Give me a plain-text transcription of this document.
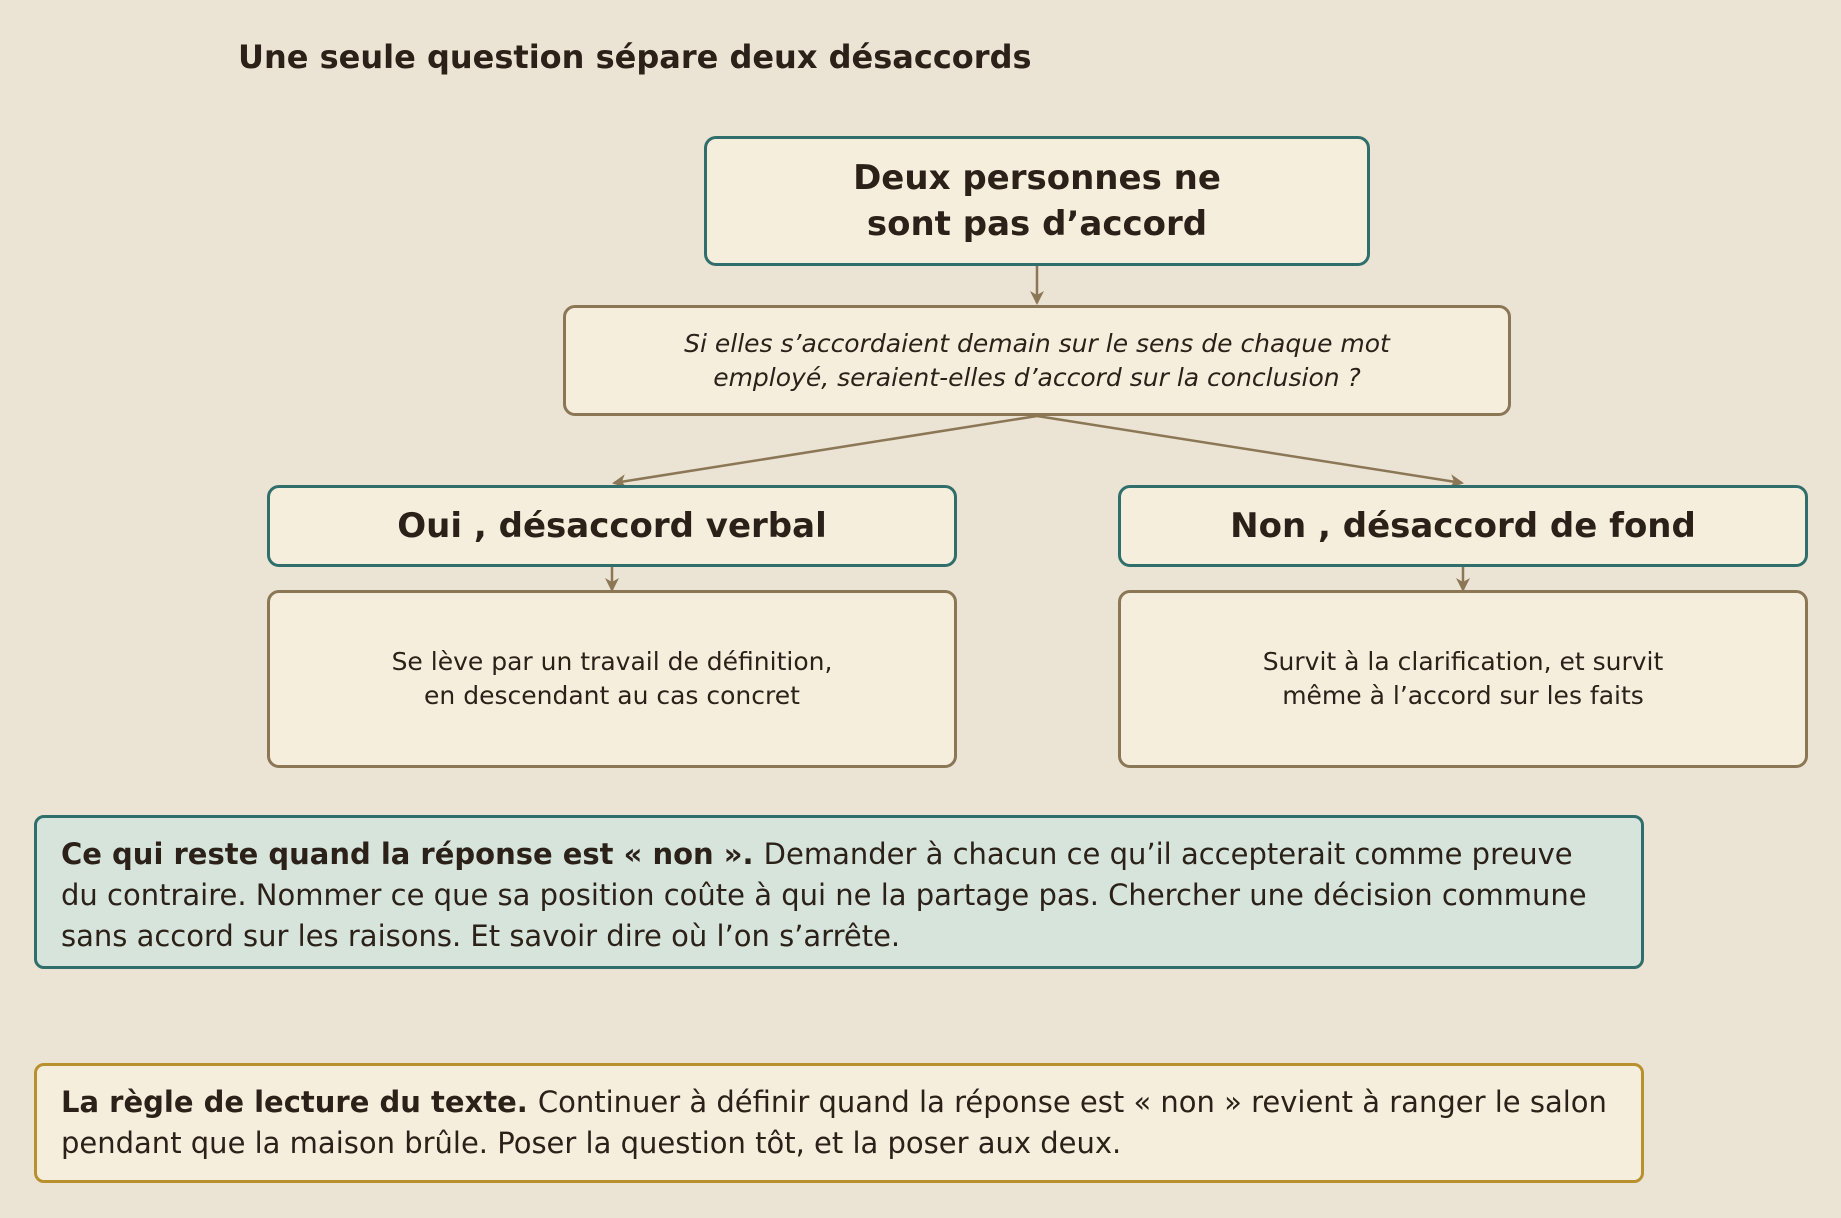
Une seule question sépare deux désaccords
Deux personnes ne
sont pas d’accord
Si elles s’accordaient demain sur le sens de chaque mot
employé, seraient-elles d’accord sur la conclusion ?
Oui , désaccord verbal	Non , désaccord de fond
Se lève par un travail de définition,
en descendant au cas concret
Survit à la clarification, et survit
même à l’accord sur les faits
Ce qui reste quand la réponse est « non ». Demander à chacun ce qu’il accepterait comme preuve du contraire. Nommer ce que sa position coûte à qui ne la partage pas. Chercher une décision commune sans accord sur les raisons. Et savoir dire où l’on s’arrête.
La règle de lecture du texte. Continuer à définir quand la réponse est « non » revient à ranger le salon pendant que la maison brûle. Poser la question tôt, et la poser aux deux.
